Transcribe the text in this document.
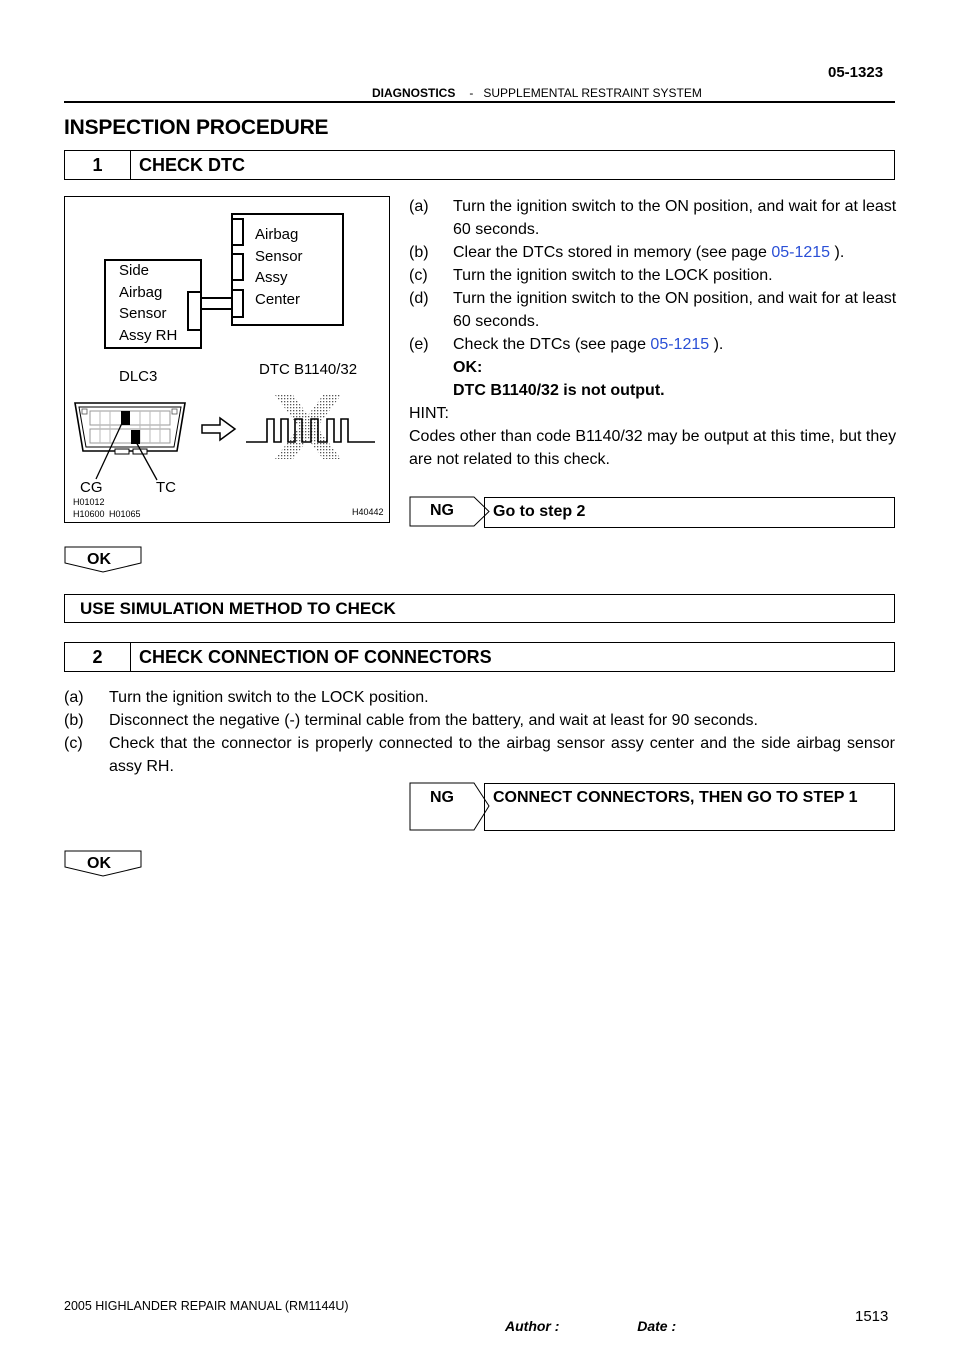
05-1323
DIAGNOSTICS - SUPPLEMENTAL RESTRAINT SYSTEM
INSPECTION PROCEDURE
1	CHECK DTC
Airbag
Sensor
Assy
Center
Side
Airbag
Sensor
Assy RH
DTC B1140/32
DLC3
CG	TC
H01012
H10600 H01065	H40442
(a) Turn the ignition switch to the ON position, and wait for at least 60 seconds.
(b) Clear the DTCs stored in memory (see page 05-1215 ).
(c) Turn the ignition switch to the LOCK position.
(d) Turn the ignition switch to the ON position, and wait for at least 60 seconds.
(e) Check the DTCs (see page 05-1215 ).
OK:
DTC B1140/32 is not output.
HINT:
Codes other than code B1140/32 may be output at this time, but they are not related to this check.
NG Go to step 2
OK
USE SIMULATION METHOD TO CHECK
2	CHECK CONNECTION OF CONNECTORS
(a) Turn the ignition switch to the LOCK position.
(b) Disconnect the negative (-) terminal cable from the battery, and wait at least for 90 seconds.
(c) Check that the connector is properly connected to the airbag sensor assy center and the side airbag sensor assy RH.
NG CONNECT CONNECTORS, THEN GO TO STEP 1
OK
2005 HIGHLANDER REPAIR MANUAL (RM1144U)
Author :                    Date :
1513
